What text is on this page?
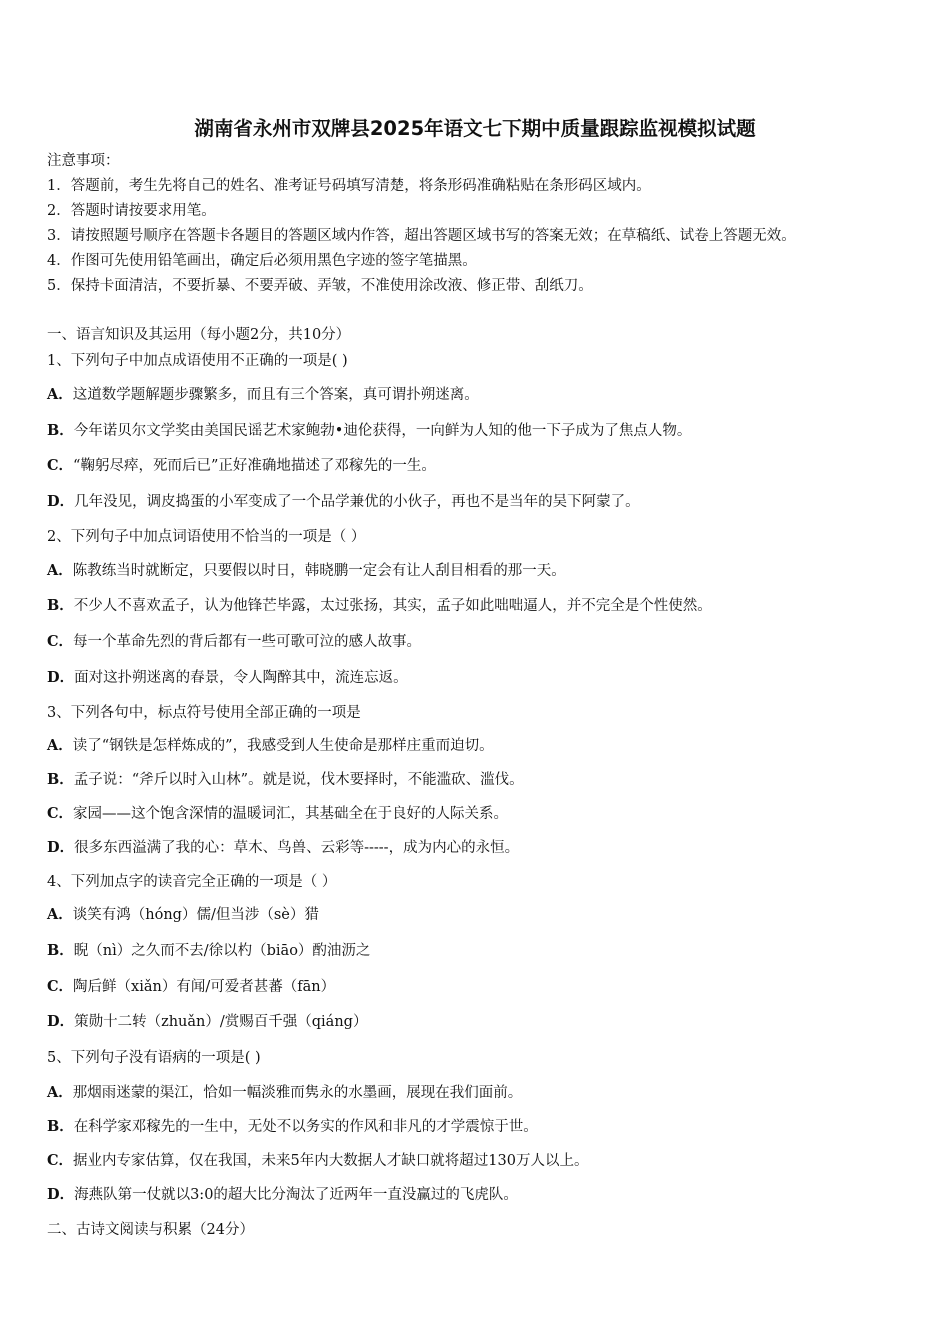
湖南省永州市双牌县2025年语文七下期中质量跟踪监视模拟试题
注意事项：
1．答题前，考生先将自己的姓名、准考证号码填写清楚，将条形码准确粘贴在条形码区域内。
2．答题时请按要求用笔。
3．请按照题号顺序在答题卡各题目的答题区域内作答，超出答题区域书写的答案无效；在草稿纸、试卷上答题无效。
4．作图可先使用铅笔画出，确定后必须用黑色字迹的签字笔描黑。
5．保持卡面清洁，不要折暴、不要弄破、弄皱，不准使用涂改液、修正带、刮纸刀。
一、语言知识及其运用（每小题2分，共10分）
1、下列句子中加点成语使用不正确的一项是( )
A．这道数学题解题步骤繁多，而且有三个答案，真可谓扑朔迷离。
B．今年诺贝尔文学奖由美国民谣艺术家鲍勃•迪伦获得，一向鲜为人知的他一下子成为了焦点人物。
C．“鞠躬尽瘁，死而后已”正好准确地描述了邓稼先的一生。
D．几年没见，调皮捣蛋的小军变成了一个品学兼优的小伙子，再也不是当年的吴下阿蒙了。
2、下列句子中加点词语使用不恰当的一项是（ ）
A．陈教练当时就断定，只要假以时日，韩晓鹏一定会有让人刮目相看的那一天。
B．不少人不喜欢孟子，认为他锋芒毕露，太过张扬，其实，孟子如此咄咄逼人，并不完全是个性使然。
C．每一个革命先烈的背后都有一些可歌可泣的感人故事。
D．面对这扑朔迷离的春景，令人陶醉其中，流连忘返。
3、下列各句中，标点符号使用全部正确的一项是
A．读了“钢铁是怎样炼成的”，我感受到人生使命是那样庄重而迫切。
B．孟子说：“斧斤以时入山林”。就是说，伐木要择时，不能滥砍、滥伐。
C．家园——这个饱含深情的温暖词汇，其基础全在于良好的人际关系。
D．很多东西溢满了我的心：草木、鸟兽、云彩等-----，成为内心的永恒。
4、下列加点字的读音完全正确的一项是（ ）
A．谈笑有鸿（hóng）儒/但当涉（sè）猎
B．睨（nì）之久而不去/徐以杓（biāo）酌油沥之
C．陶后鲜（xiǎn）有闻/可爱者甚蕃（fān）
D．策勋十二转（zhuǎn）/赏赐百千强（qiáng）
5、下列句子没有语病的一项是( )
A．那烟雨迷蒙的渠江，恰如一幅淡雅而隽永的水墨画，展现在我们面前。
B．在科学家邓稼先的一生中，无处不以务实的作风和非凡的才学震惊于世。
C．据业内专家估算，仅在我国，未来5年内大数据人才缺口就将超过130万人以上。
D．海燕队第一仗就以3:0的超大比分淘汰了近两年一直没赢过的飞虎队。
二、古诗文阅读与积累（24分）
